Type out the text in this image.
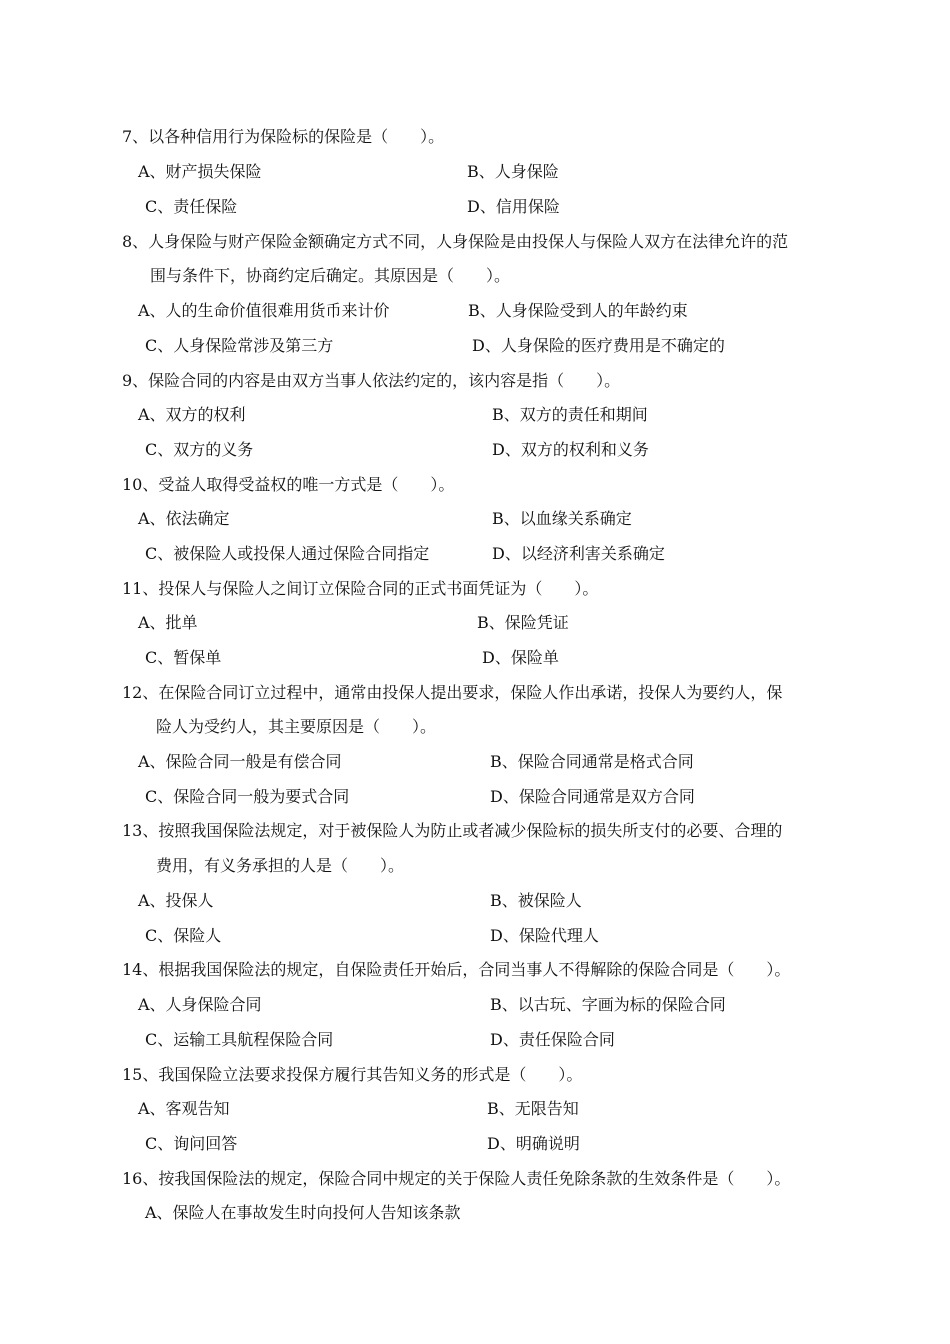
7、以各种信用行为保险标的保险是（　　）。
A、财产损失保险	B、人身保险
C、责任保险	D、信用保险
8、人身保险与财产保险金额确定方式不同，人身保险是由投保人与保险人双方在法律允许的范
围与条件下，协商约定后确定。其原因是（　　）。
A、人的生命价值很难用货币来计价	B、人身保险受到人的年龄约束
C、人身保险常涉及第三方	D、人身保险的医疗费用是不确定的
9、保险合同的内容是由双方当事人依法约定的，该内容是指（　　）。
A、双方的权利	B、双方的责任和期间
C、双方的义务	D、双方的权利和义务
10、受益人取得受益权的唯一方式是（　　）。
A、依法确定	B、以血缘关系确定
C、被保险人或投保人通过保险合同指定	D、以经济利害关系确定
11、投保人与保险人之间订立保险合同的正式书面凭证为（　　）。
A、批单	B、保险凭证
C、暂保单	D、保险单
12、在保险合同订立过程中，通常由投保人提出要求，保险人作出承诺，投保人为要约人，保
险人为受约人，其主要原因是（　　）。
A、保险合同一般是有偿合同	B、保险合同通常是格式合同
C、保险合同一般为要式合同	D、保险合同通常是双方合同
13、按照我国保险法规定，对于被保险人为防止或者减少保险标的损失所支付的必要、合理的
费用，有义务承担的人是（　　）。
A、投保人	B、被保险人
C、保险人	D、保险代理人
14、根据我国保险法的规定，自保险责任开始后，合同当事人不得解除的保险合同是（　　）。
A、人身保险合同	B、以古玩、字画为标的保险合同
C、运输工具航程保险合同	D、责任保险合同
15、我国保险立法要求投保方履行其告知义务的形式是（　　）。
A、客观告知	B、无限告知
C、询问回答	D、明确说明
16、按我国保险法的规定，保险合同中规定的关于保险人责任免除条款的生效条件是（　　）。
A、保险人在事故发生时向投何人告知该条款
